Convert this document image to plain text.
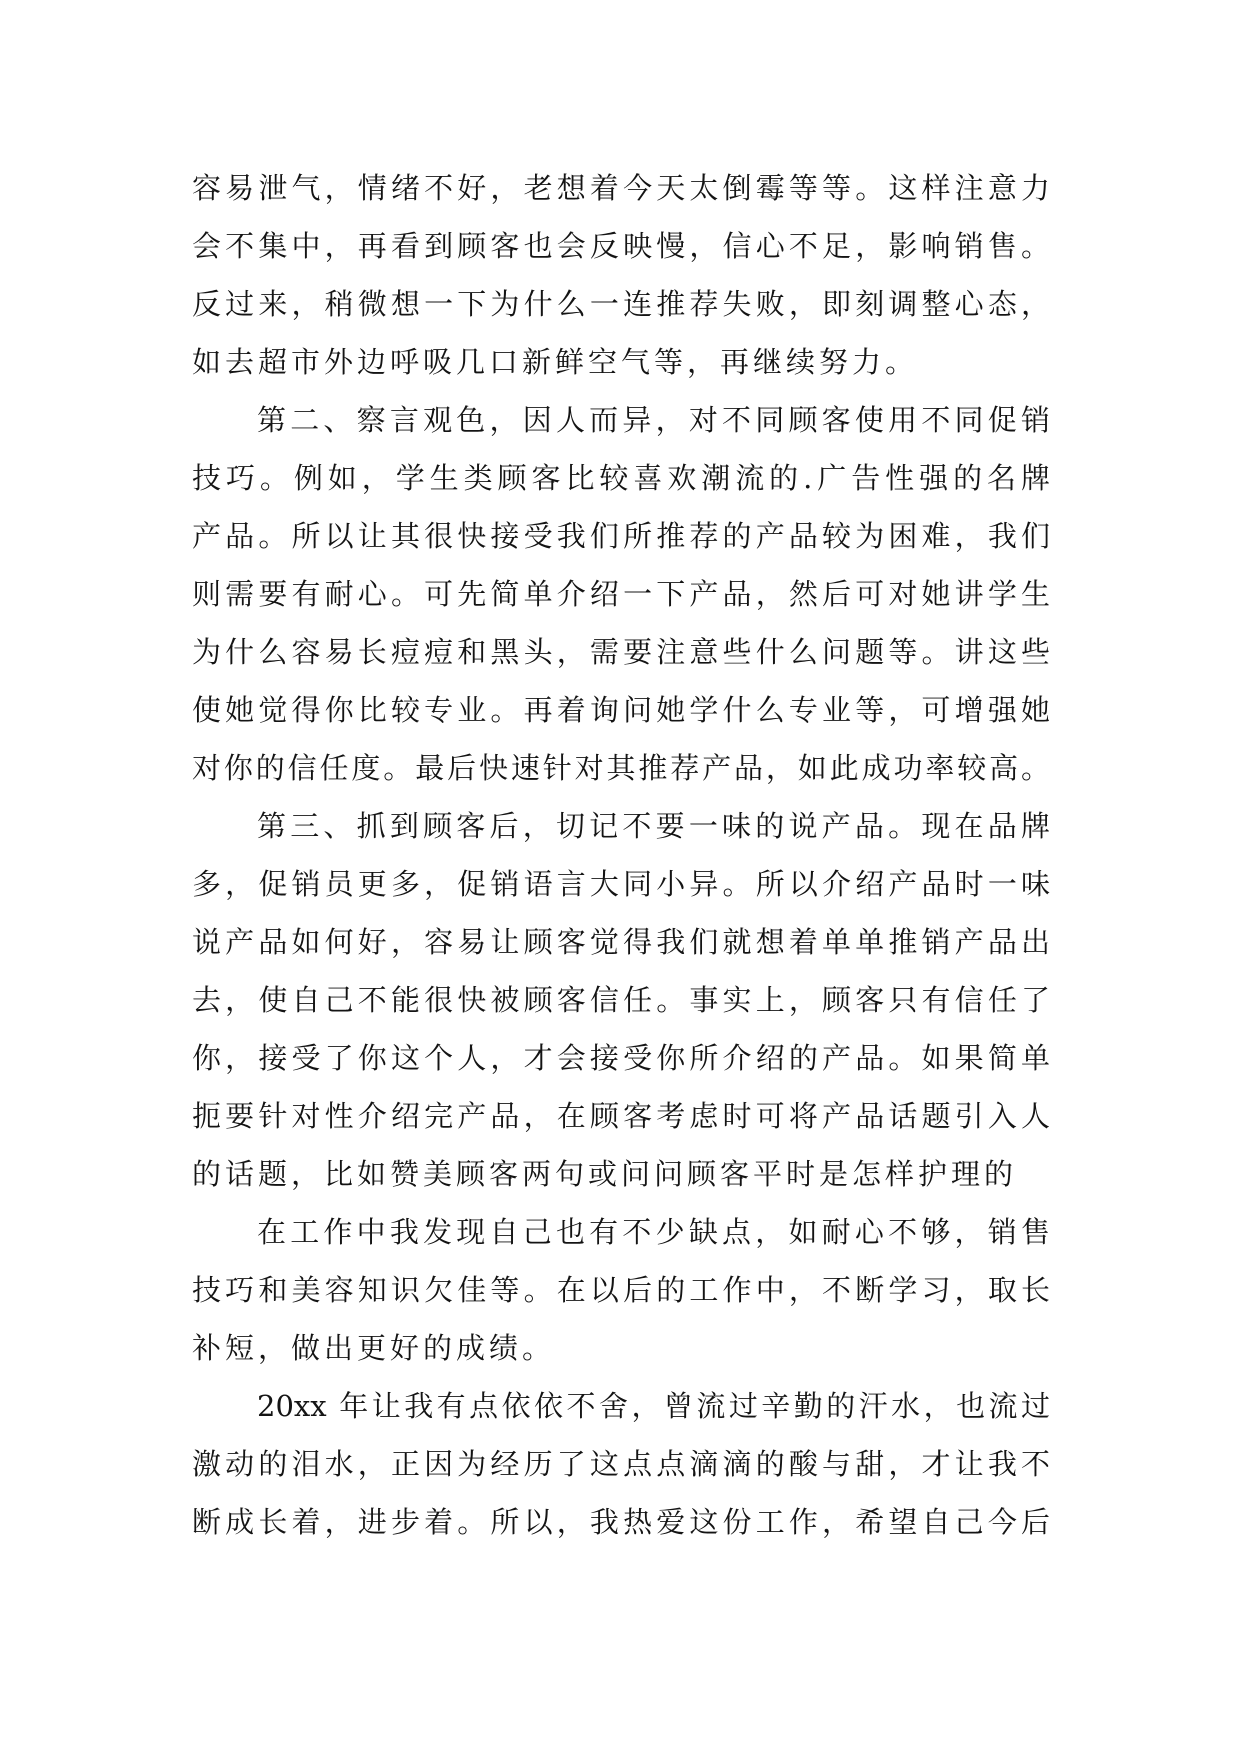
容易泄气，情绪不好，老想着今天太倒霉等等。这样注意力
会不集中，再看到顾客也会反映慢，信心不足，影响销售。
反过来，稍微想一下为什么一连推荐失败，即刻调整心态，
如去超市外边呼吸几口新鲜空气等，再继续努力。
第二、察言观色，因人而异，对不同顾客使用不同促销
技巧。例如，学生类顾客比较喜欢潮流的.广告性强的名牌
产品。所以让其很快接受我们所推荐的产品较为困难，我们
则需要有耐心。可先简单介绍一下产品，然后可对她讲学生
为什么容易长痘痘和黑头，需要注意些什么问题等。讲这些
使她觉得你比较专业。再着询问她学什么专业等，可增强她
对你的信任度。最后快速针对其推荐产品，如此成功率较高。
第三、抓到顾客后，切记不要一味的说产品。现在品牌
多，促销员更多，促销语言大同小异。所以介绍产品时一味
说产品如何好，容易让顾客觉得我们就想着单单推销产品出
去，使自己不能很快被顾客信任。事实上，顾客只有信任了
你，接受了你这个人，才会接受你所介绍的产品。如果简单
扼要针对性介绍完产品，在顾客考虑时可将产品话题引入人
的话题，比如赞美顾客两句或问问顾客平时是怎样护理的
在工作中我发现自己也有不少缺点，如耐心不够，销售
技巧和美容知识欠佳等。在以后的工作中，不断学习，取长
补短，做出更好的成绩。
20xx 年让我有点依依不舍，曾流过辛勤的汗水，也流过
激动的泪水，正因为经历了这点点滴滴的酸与甜，才让我不
断成长着，进步着。所以，我热爱这份工作，希望自己今后
